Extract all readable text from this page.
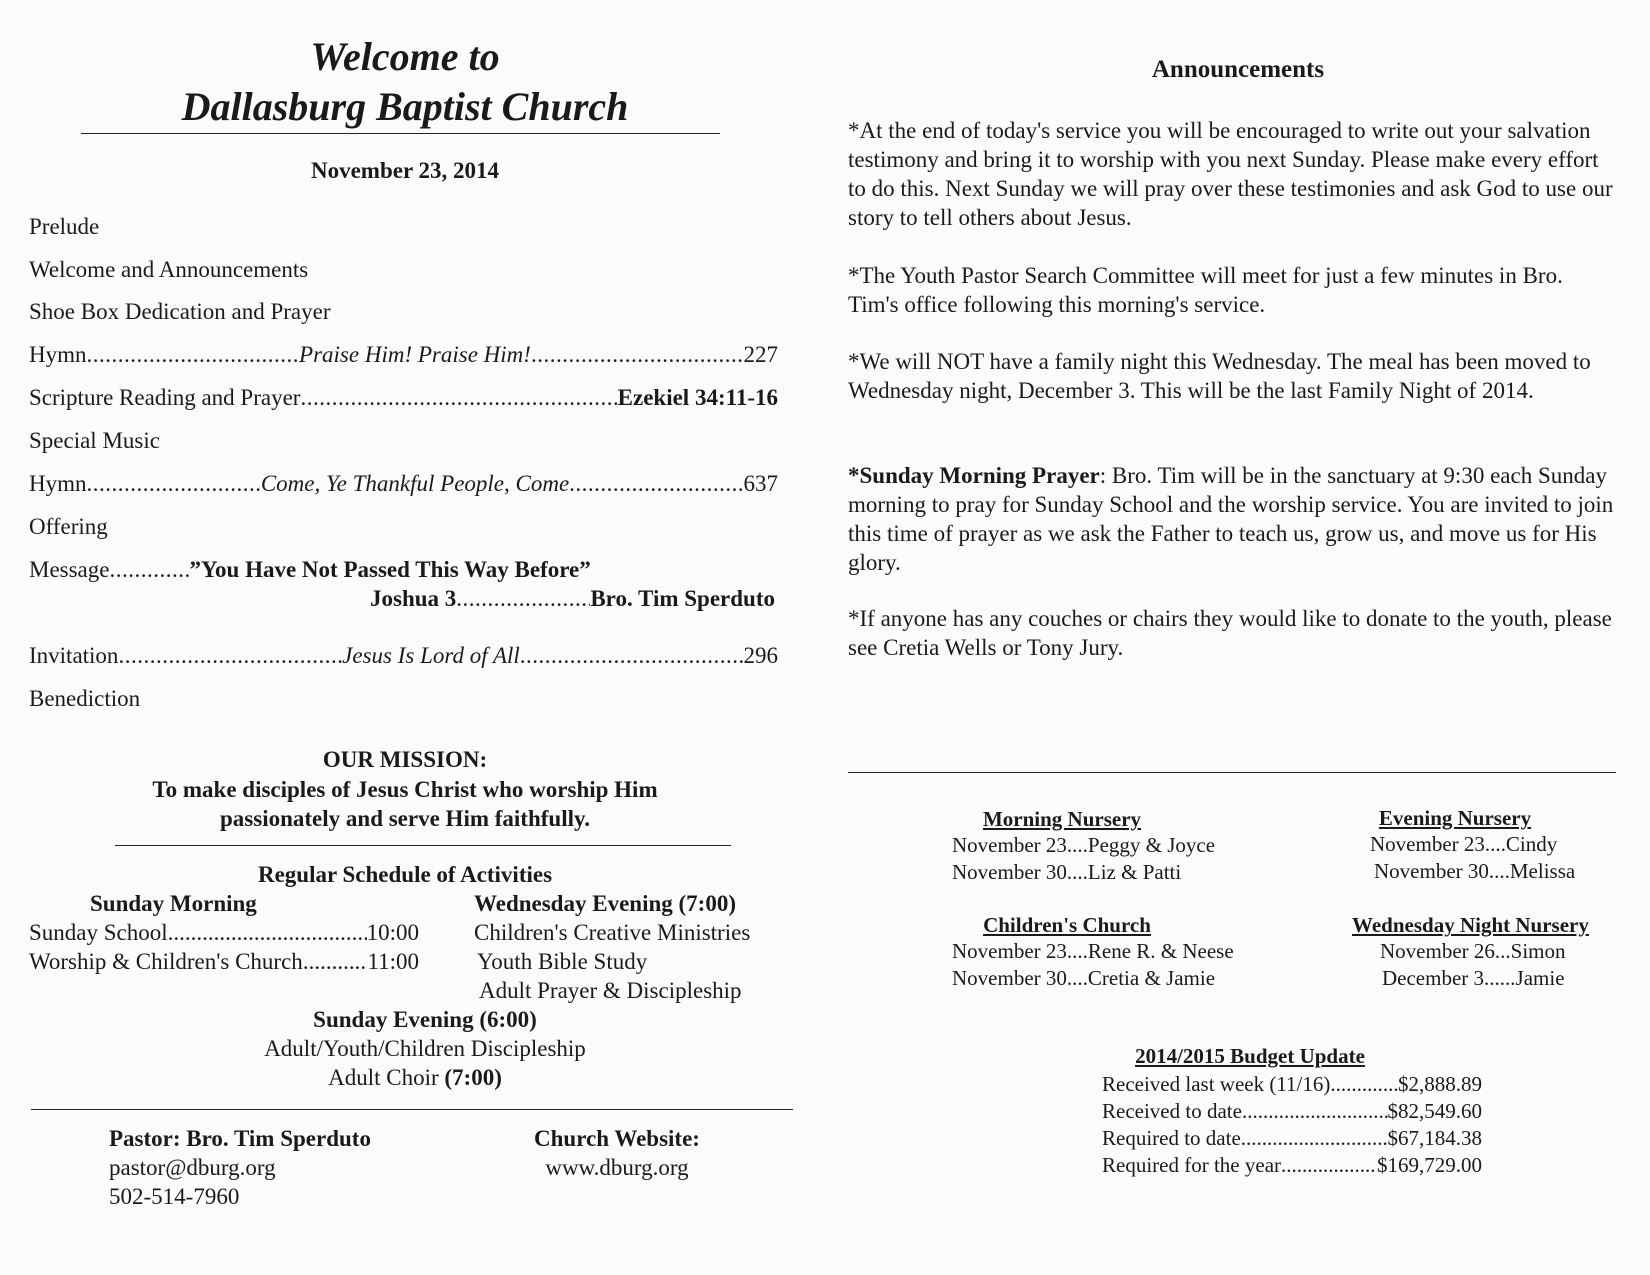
Welcome to
Dallasburg Baptist Church
November 23, 2014
Prelude
Welcome and Announcements
Shoe Box Dedication and Prayer
Hymn .....	Praise Him! Praise Him! .....	227
Scripture Reading and Prayer .....	Ezekiel 34:11-16
Special Music
Hymn .....	Come, Ye Thankful People, Come .....	637
Offering
Message .....	”You Have Not Passed This Way Before”
Joshua 3 .....	Bro. Tim Sperduto
Invitation .....	Jesus Is Lord of All .....	296
Benediction
OUR MISSION:
To make disciples of Jesus Christ who worship Him
passionately and serve Him faithfully.
Regular Schedule of Activities
Sunday Morning
Sunday School .....	10:00
Worship & Children's Church .....	11:00
Wednesday Evening (7:00)
Children's Creative Ministries
Youth Bible Study
Adult Prayer & Discipleship
Sunday Evening (6:00)
Adult/Youth/Children Discipleship
Adult Choir (7:00)
Pastor: Bro. Tim Sperduto
pastor@dburg.org
502-514-7960
Church Website:
www.dburg.org
Announcements
*At the end of today's service you will be encouraged to write out your salvation testimony and bring it to worship with you next Sunday. Please make every effort to do this. Next Sunday we will pray over these testimonies and ask God to use our story to tell others about Jesus.
*The Youth Pastor Search Committee will meet for just a few minutes in Bro. Tim's office following this morning's service.
*We will NOT have a family night this Wednesday. The meal has been moved to Wednesday night, December 3. This will be the last Family Night of 2014.
*Sunday Morning Prayer: Bro. Tim will be in the sanctuary at 9:30 each Sunday morning to pray for Sunday School and the worship service. You are invited to join this time of prayer as we ask the Father to teach us, grow us, and move us for His glory.
*If anyone has any couches or chairs they would like to donate to the youth, please see Cretia Wells or Tony Jury.
Morning Nursery
November 23....Peggy & Joyce
November 30....Liz & Patti
Evening Nursery
November 23....Cindy
November 30....Melissa
Children's Church
November 23....Rene R. & Neese
November 30....Cretia & Jamie
Wednesday Night Nursery
November 26...Simon
December 3......Jamie
2014/2015 Budget Update
Received last week (11/16) .....	$2,888.89
Received to date .....	$82,549.60
Required to date .....	$67,184.38
Required for the year .....	$169,729.00
